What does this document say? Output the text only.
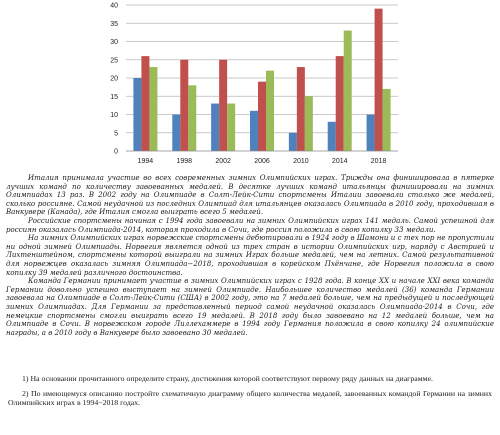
0
5
10
15
20
25
30
35
40
1994	1998	2002	2006	2010	2014	2018

Италия принимала участие во всех современных зимних Олимпийских играх. Трижды она финишировала в пятерке лучших команд по количеству завоеванных медалей. В десятке лучших команд итальянцы финишировали на зимних Олимпиадах 13 раз. В 2002 году на Олимпиаде в Солт-Лейк-Сити спортсмены Италии завоевали столько же медалей, сколько россияне. Самой неудачной из последних Олимпиад для итальянцев оказалась Олимпиада в 2010 году, проходившая в Ванкувере (Канада), где Италия смогла выиграть всего 5 медалей.

Российские спортсмены начиная с 1994 года завоевали на зимних Олимпийских играх 141 медаль. Самой успешной для россиян оказалась Олимпиада-2014, которая проходила в Сочи, где россия положила в свою копилку 33 медали.

На зимних Олимпийских играх норвежские спортсмены дебютировали в 1924 году в Шамони и с тех пор не пропустили ни одной зимней Олимпиады. Норвегия является одной из трех стран в истории Олимпийских игр, наряду с Австрией и Лихтенштейном, спортсмены которой выиграли на зимних Играх больше медалей, чем на летних. Самой результативной для норвежцев оказалась зимняя Олимпиада−2018, проходившая в корейском Пхёнчане, где Норвегия положила в свою копилку 39 медалей различного достоинства.

Команда Германии принимает участие в зимних Олимпийских играх с 1928 года. В конце XX и начале XXI века команда Германии довольно успешно выступает на зимней Олимпиаде. Наибольшее количество медалей (36) команда Германии завоевала на Олимпиаде в Солт-Лейк-Сити (США) в 2002 году, это на 7 медалей больше, чем на предыдущей и последующей зимних Олимпиадах. Для Германии за представленный период самой неудачной оказалась Олимпиада-2014 в Сочи, где немецкие спортсмены смогли выиграть всего 19 медалей. В 2018 году было завоевано на 12 медалей больше, чем на Олимпиаде в Сочи. В норвежском городе Лиллехаммере в 1994 году Германия положила в свою копилку 24 олимпийские награды, а в 2010 году в Ванкувере было завоевано 30 медалей.

1) На основании прочитанного определите страну, достижения которой соответствуют первому ряду данных на диаграмме.

2) По имеющемуся описанию постройте схематичную диаграмму общего количества медалей, завоеванных командой Германии на зимних Олимпийских играх в 1994−2018 годах.
